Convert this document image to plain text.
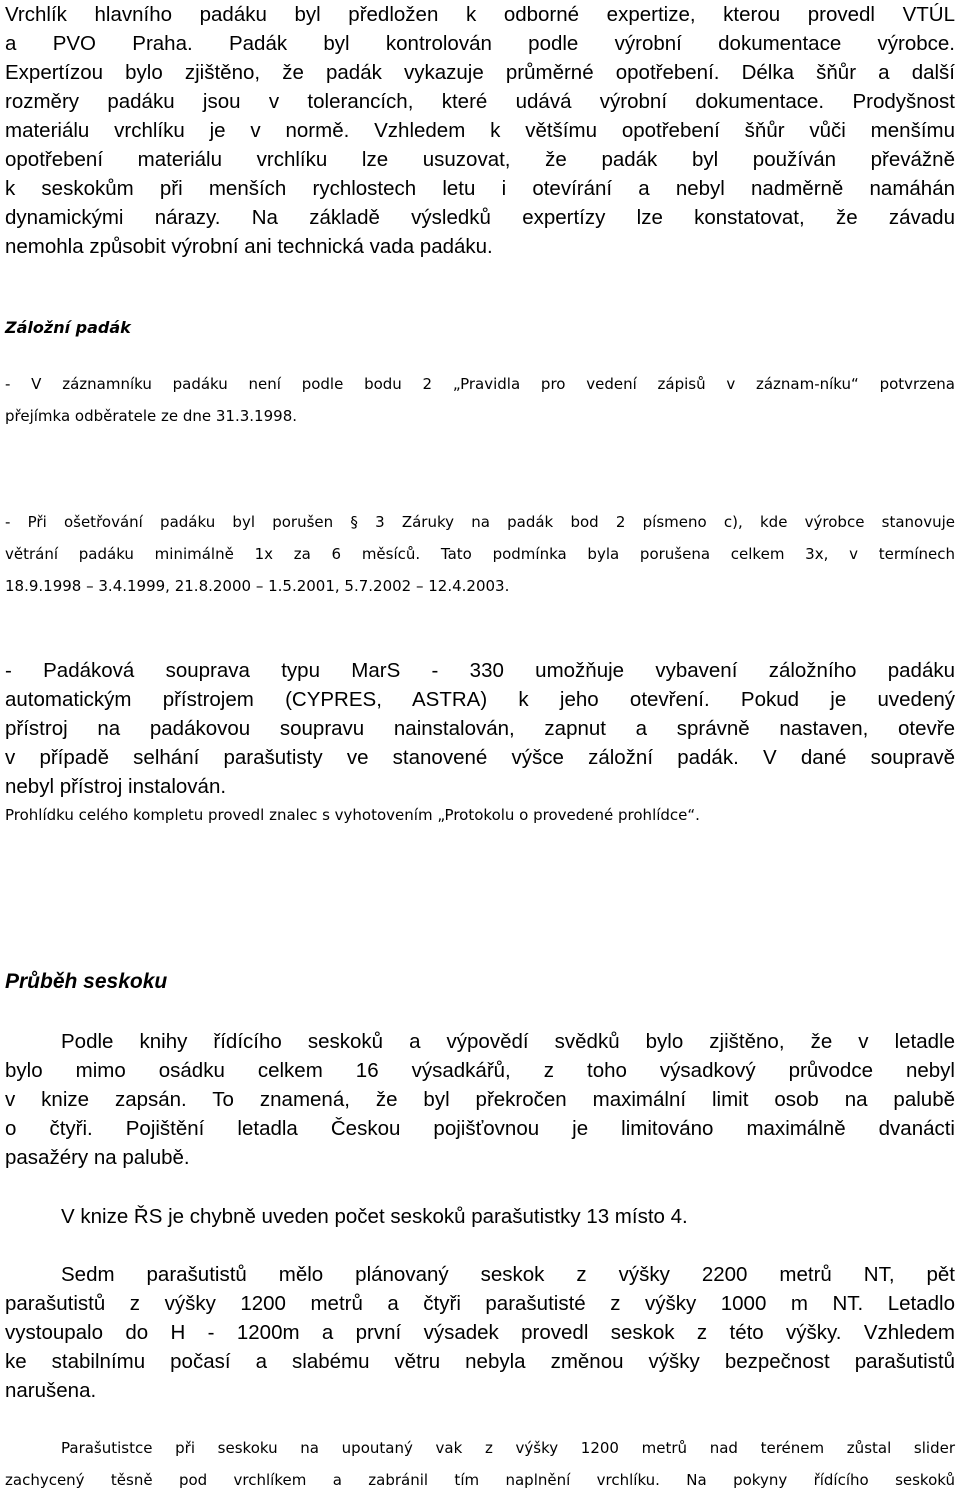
Vrchlík hlavního padáku byl předložen k odborné expertize, kterou provedl VTÚL

a PVO Praha. Padák byl kontrolován podle výrobní dokumentace výrobce.

Expertízou bylo zjištěno, že padák vykazuje průměrné opotřebení. Délka šňůr a další

rozměry padáku jsou v tolerancích, které udává výrobní dokumentace. Prodyšnost

materiálu vrchlíku je v normě. Vzhledem k většímu opotřebení šňůr vůči menšímu

opotřebení materiálu vrchlíku lze usuzovat, že padák byl používán převážně

k seskokům při menších rychlostech letu i otevírání a nebyl nadměrně namáhán

dynamickými nárazy. Na základě výsledků expertízy lze konstatovat, že závadu

nemohla způsobit výrobní ani technická vada padáku.

Záložní padák

- V záznamníku padáku není podle bodu 2 „Pravidla pro vedení zápisů v záznam-níku“ potvrzena

přejímka odběratele ze dne 31.3.1998.

- Při ošetřování padáku byl porušen § 3 Záruky na padák bod 2 písmeno c), kde výrobce stanovuje

větrání padáku minimálně 1x za 6 měsíců. Tato podmínka byla porušena celkem 3x, v termínech

18.9.1998 – 3.4.1999, 21.8.2000 – 1.5.2001, 5.7.2002 – 12.4.2003.

- Padáková souprava typu MarS - 330 umožňuje vybavení záložního padáku

automatickým přístrojem (CYPRES, ASTRA) k jeho otevření. Pokud je uvedený

přístroj na padákovou soupravu nainstalován, zapnut a správně nastaven, otevře

v případě selhání parašutisty ve stanovené výšce záložní padák. V dané soupravě

nebyl přístroj instalován.

Prohlídku celého kompletu provedl znalec s vyhotovením „Protokolu o provedené prohlídce“.
Průběh seskoku

Podle knihy řídícího seskoků a výpovědí svědků bylo zjištěno, že v letadle

bylo mimo osádku celkem 16 výsadkářů, z toho výsadkový průvodce nebyl

v knize zapsán. To znamená, že byl překročen maximální limit osob na palubě

o čtyři. Pojištění letadla Českou pojišťovnou je limitováno maximálně dvanácti

pasažéry na palubě.

V knize ŘS je chybně uveden počet seskoků parašutistky 13 místo 4.

Sedm parašutistů mělo plánovaný seskok z výšky 2200 metrů NT, pět

parašutistů z výšky 1200 metrů a čtyři parašutisté z výšky 1000 m NT. Letadlo

vystoupalo do H - 1200m a první výsadek provedl seskok z této výšky. Vzhledem

ke stabilnímu počasí a slabému větru nebyla změnou výšky bezpečnost parašutistů

narušena.

Parašutistce při seskoku na upoutaný vak z výšky 1200 metrů nad terénem zůstal slider

zachycený těsně pod vrchlíkem a zabránil tím naplnění vrchlíku. Na pokyny řídícího seskoků
